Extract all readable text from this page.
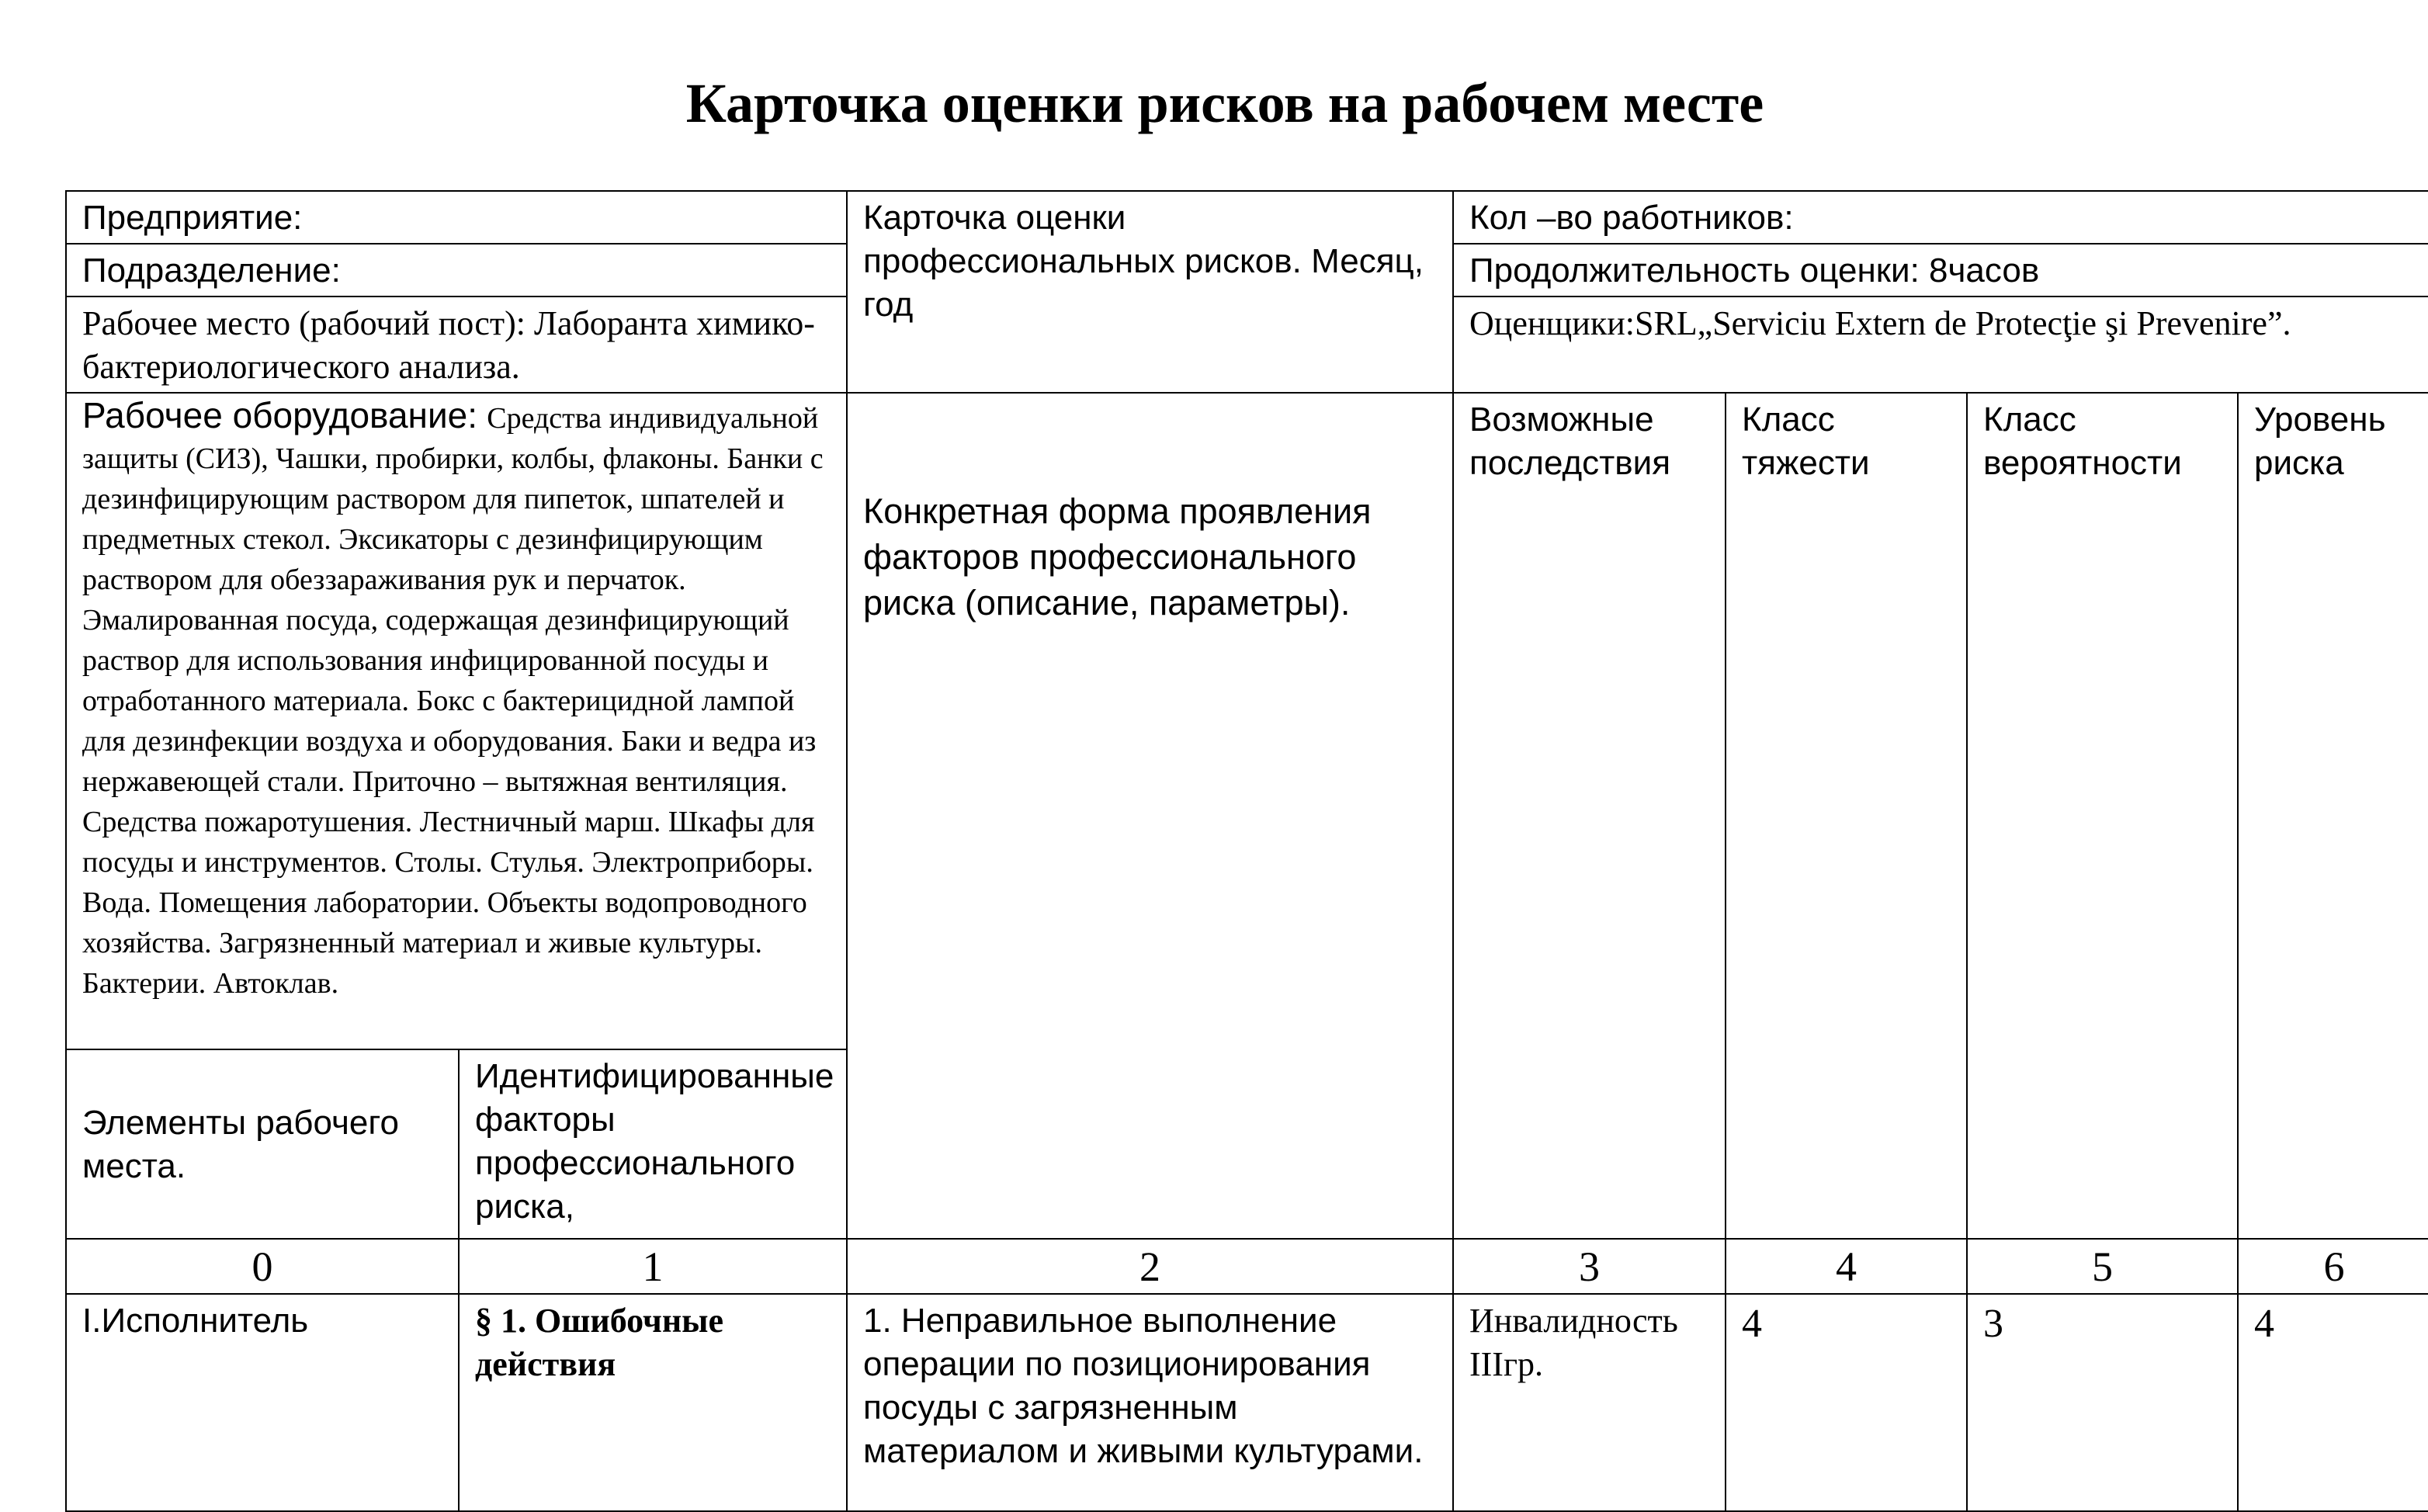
Карточка оценки рисков на рабочем месте
Предприятие:		Карточка оценки профессиональных рисков. Месяц, год	Кол –во работников:			
Подразделение:			Продолжительность оценки: 8часов			
Рабочее место (рабочий пост): Лаборанта химико-бактериологического анализа.			Оценщики:SRL„Serviciu Extern de Protecţie şi Prevenire”.			
Рабочее оборудование: Средства индивидуальной защиты (СИЗ), Чашки, пробирки, колбы, флаконы. Банки с дезинфицирующим раствором для пипеток, шпателей и предметных стекол. Эксикаторы с дезинфицирующим раствором для обеззараживания рук и перчаток. Эмалированная посуда, содержащая дезинфицирующий раствор для использования инфицированной посуды и отработанного материала. Бокс с бактерицидной лампой для дезинфекции воздуха и оборудования. Баки и ведра из нержавеющей стали. Приточно – вытяжная вентиляция. Средства пожаротушения. Лестничный марш. Шкафы для посуды и инструментов. Столы. Стулья. Электроприборы. Вода. Помещения лаборатории. Объекты водопроводного хозяйства. Загрязненный материал и живые культуры. Бактерии. Автоклав.		Конкретная форма проявления факторов профессионального риска (описание, параметры).	Возможные последствия	Класс тяжести	Класс вероятности	Уровень риска
Элементы рабочего места.	Идентифицированные факторы профессионального риска,					
0	1	2	3	4	5	6
I.Исполнитель	§ 1. Ошибочные действия	1. Неправильное выполнение операции по позиционирования посуды с загрязненным материалом и живыми культурами.	Инвалидность IIIгр.	4	3	4
